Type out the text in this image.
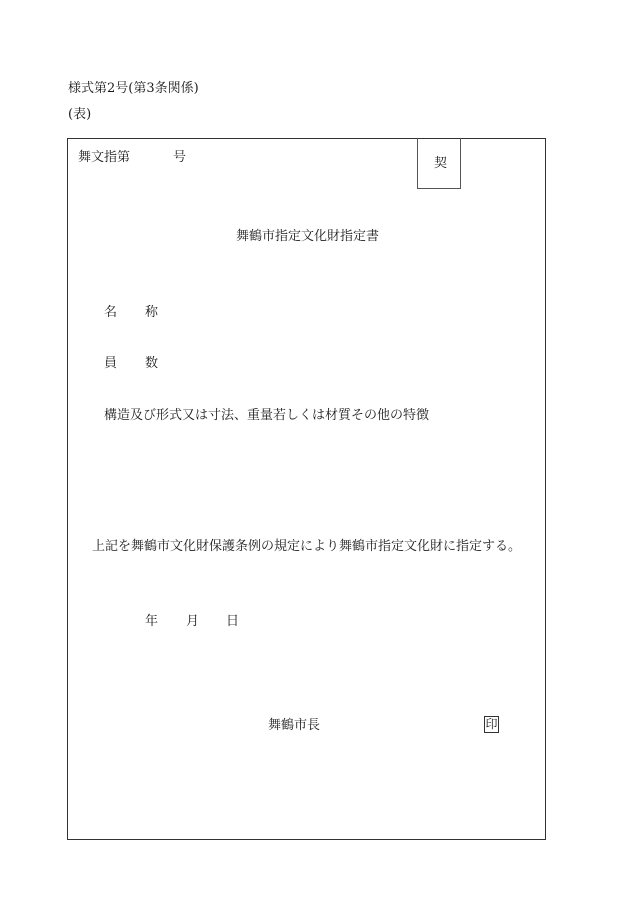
様式第2号(第3条関係)
(表)
舞文指第	号	契
舞鶴市指定文化財指定書
名 称
員 数
構造及び形式又は寸法、重量若しくは材質その他の特徴
上記を舞鶴市文化財保護条例の規定により舞鶴市指定文化財に指定する。
年 月 日
舞鶴市長	印
